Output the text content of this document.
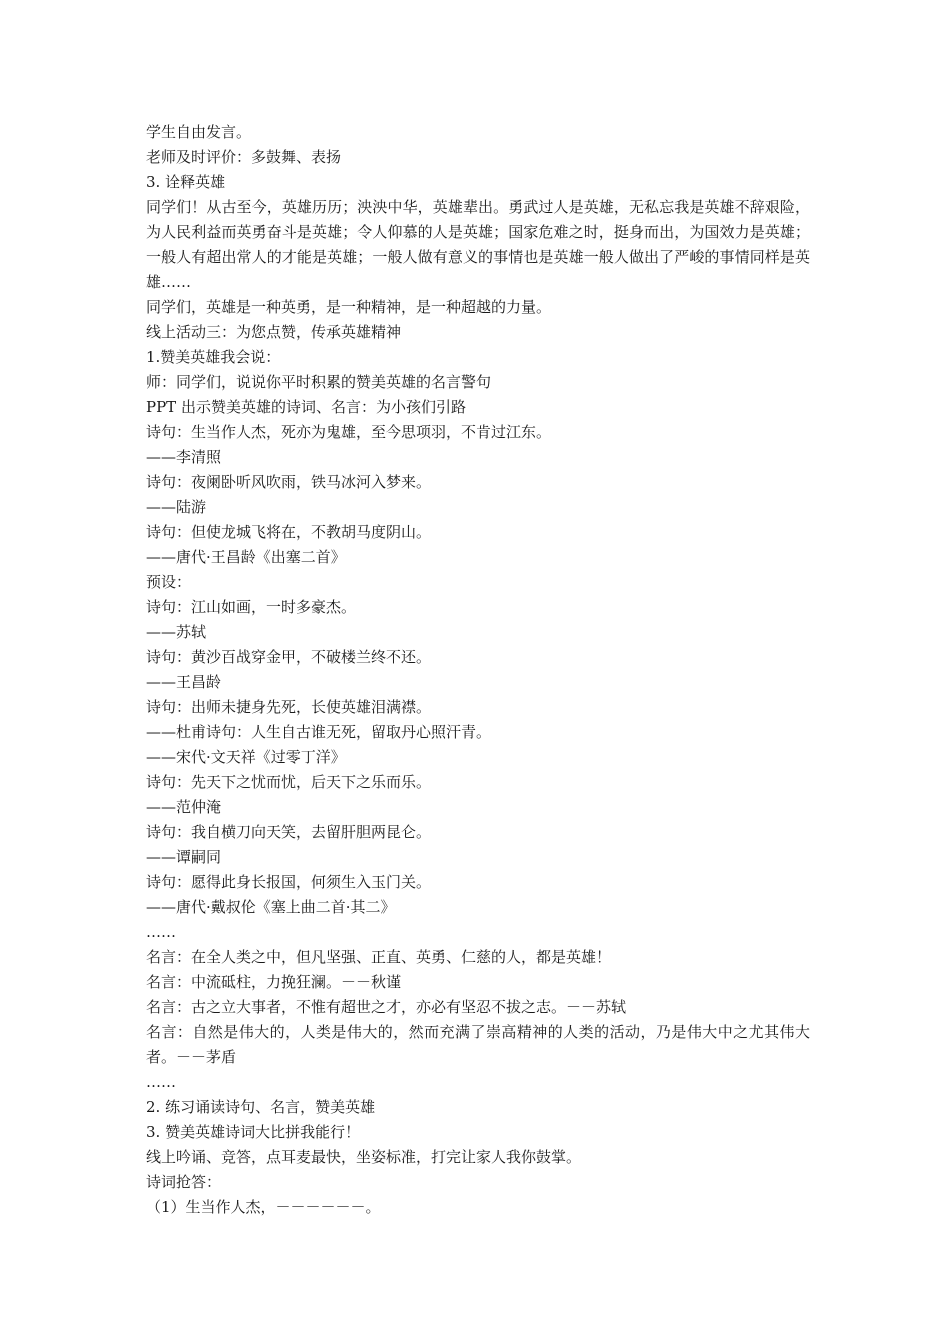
学生自由发言。

老师及时评价：多鼓舞、表扬

3. 诠释英雄

同学们！从古至今，英雄历历；泱泱中华，英雄辈出。勇武过人是英雄，无私忘我是英雄不辞艰险，为人民利益而英勇奋斗是英雄；令人仰慕的人是英雄；国家危难之时，挺身而出，为国效力是英雄；一般人有超出常人的才能是英雄；一般人做有意义的事情也是英雄一般人做出了严峻的事情同样是英雄……

同学们，英雄是一种英勇，是一种精神，是一种超越的力量。

线上活动三：为您点赞，传承英雄精神

1.赞美英雄我会说：

师：同学们，说说你平时积累的赞美英雄的名言警句

PPT 出示赞美英雄的诗词、名言：为小孩们引路

诗句：生当作人杰，死亦为鬼雄，至今思项羽，不肯过江东。

——李清照

诗句：夜阑卧听风吹雨，铁马冰河入梦来。

——陆游

诗句：但使龙城飞将在，不教胡马度阴山。

——唐代·王昌龄《出塞二首》

预设：

诗句：江山如画，一时多豪杰。

——苏轼

诗句：黄沙百战穿金甲，不破楼兰终不还。

——王昌龄

诗句：出师未捷身先死，长使英雄泪满襟。

——杜甫诗句：人生自古谁无死，留取丹心照汗青。

——宋代·文天祥《过零丁洋》

诗句：先天下之忧而忧，后天下之乐而乐。

——范仲淹

诗句：我自横刀向天笑，去留肝胆两昆仑。

——谭嗣同

诗句：愿得此身长报国，何须生入玉门关。

——唐代·戴叔伦《塞上曲二首·其二》

……

名言：在全人类之中，但凡坚强、正直、英勇、仁慈的人，都是英雄！

名言：中流砥柱，力挽狂澜。－－秋谨

名言：古之立大事者，不惟有超世之才，亦必有坚忍不拔之志。－－苏轼

名言：自然是伟大的，人类是伟大的，然而充满了崇高精神的人类的活动，乃是伟大中之尤其伟大者。－－茅盾

……

2. 练习诵读诗句、名言，赞美英雄

3. 赞美英雄诗词大比拼我能行！

线上吟诵、竞答，点耳麦最快，坐姿标准，打完让家人我你鼓掌。

诗词抢答：

（1）生当作人杰，－－－－－－。
